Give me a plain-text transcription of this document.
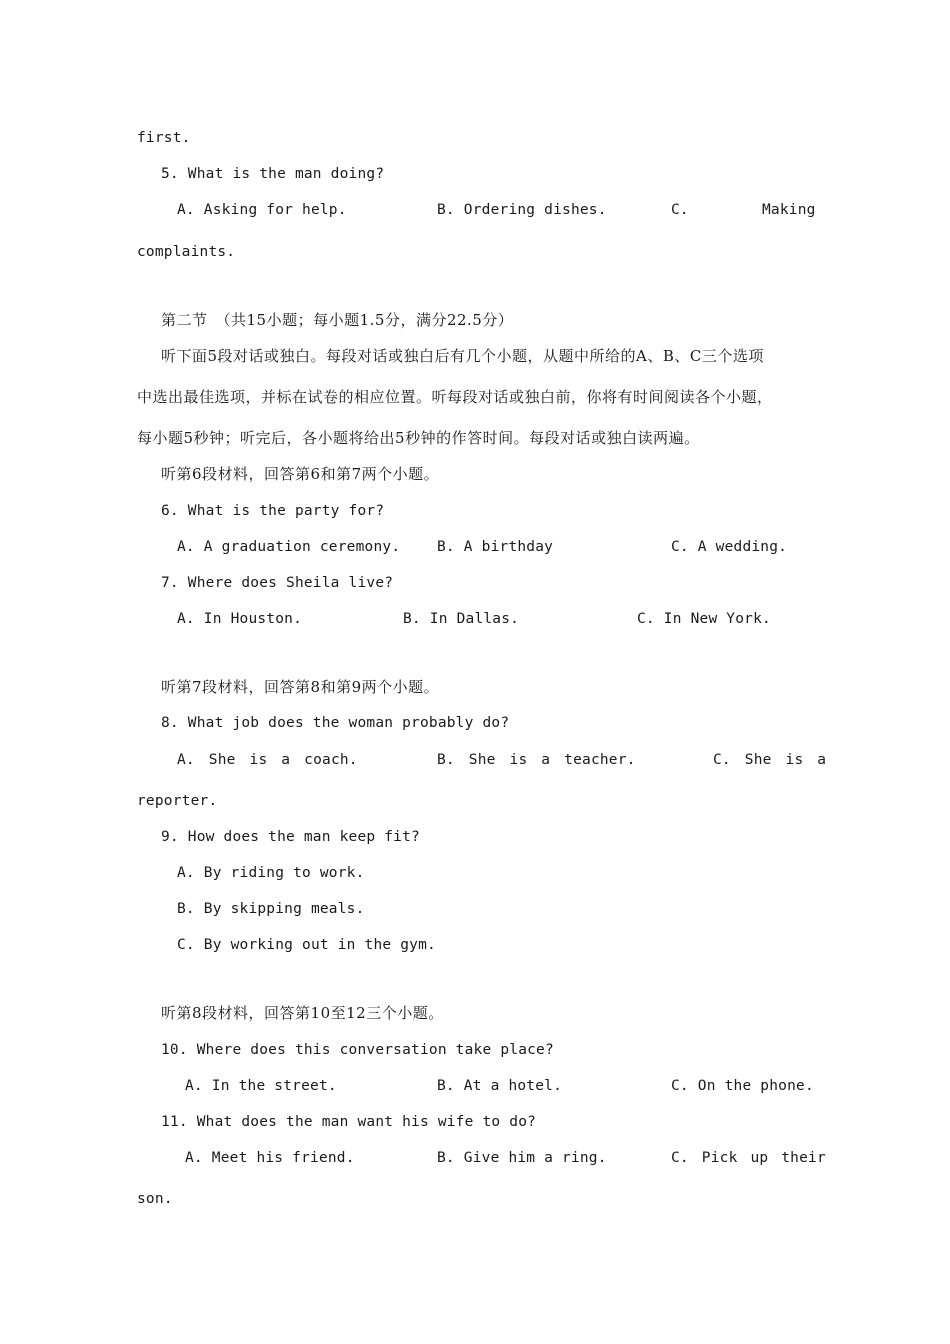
first.
5. What is the man doing?
A. Asking for help.	B. Ordering dishes.	C.	Making
complaints.
第二节　（共15小题；每小题1.5分，满分22.5分）
听下面5段对话或独白。每段对话或独白后有几个小题，从题中所给的A、B、C三个选项
中选出最佳选项，并标在试卷的相应位置。听每段对话或独白前，你将有时间阅读各个小题，
每小题5秒钟；听完后，各小题将给出5秒钟的作答时间。每段对话或独白读两遍。
听第6段材料，回答第6和第7两个小题。
6. What is the party for?
A. A graduation ceremony.	B. A birthday	C. A wedding.
7. Where does Sheila live?
A. In Houston.	B. In Dallas.	C. In New York.
听第7段材料，回答第8和第9两个小题。
8. What job does the woman probably do?
A. She is a coach.	B. She is a teacher.	C. She is a
reporter.
9. How does the man keep fit?
A. By riding to work.
B. By skipping meals.
C. By working out in the gym.
听第8段材料，回答第10至12三个小题。
10. Where does this conversation take place?
A. In the street.	B. At a hotel.	C. On the phone.
11. What does the man want his wife to do?
A. Meet his friend.	B. Give him a ring.	C. Pick up their
son.
